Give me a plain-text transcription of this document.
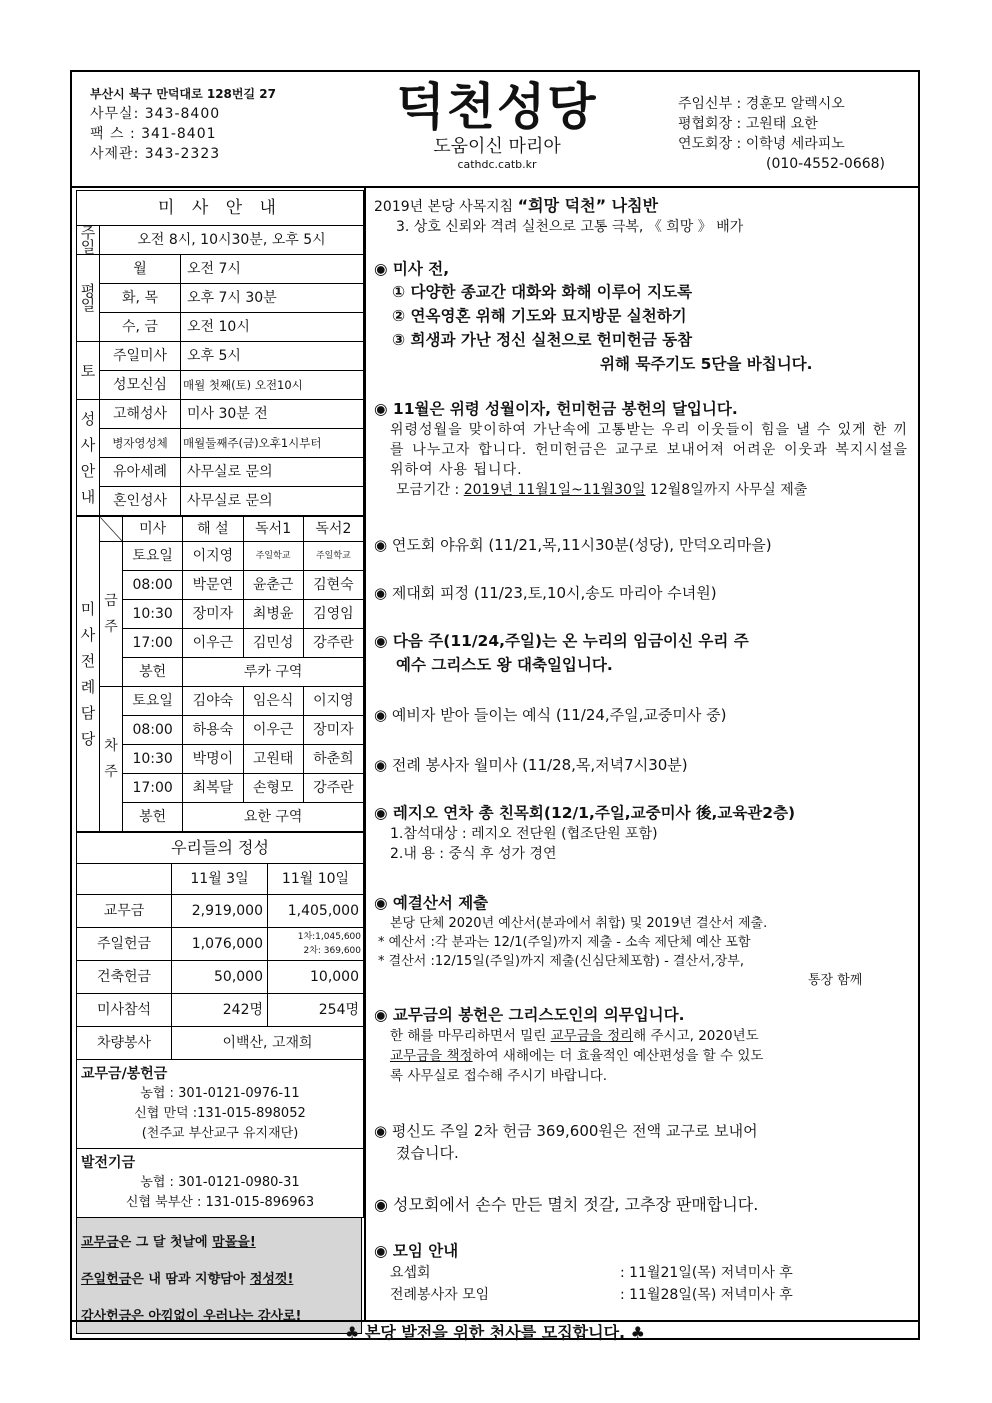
부산시 북구 만덕대로 128번길 27
사무실: 343-8400
팩 스 : 341-8401
사제관: 343-2323
덕천성당
도움이신 마리아
cathdc.catb.kr
주임신부 : 경훈모 알렉시오
평협회장 : 고원태 요한
연도회장 : 이학녕 세라피노
(010-4552-0668)
미 사 안 내		
주일	오전 8시, 10시30분, 오후 5시	
평일	월	오전 7시
	화, 목	오후 7시 30분
	수, 금	오전 10시
토	주일미사	오후 5시
	성모신심	매월 첫째(토) 오전10시
성사안내	고해성사	미사 30분 전
	병자영성체	매월둘째주(금)오후1시부터
	유아세례	사무실로 문의
	혼인성사	사무실로 문의
미사전례담당		미사	해 설	독서1	독서2
	금주	토요일	이지영	주일학교	주일학교
		08:00	박문연	윤춘근	김현숙
		10:30	장미자	최병윤	김영임
		17:00	이우근	김민성	강주란
		봉헌	루카 구역		
	차주	토요일	김야숙	임은식	이지영
		08:00	하용숙	이우근	장미자
		10:30	박명이	고원태	하춘희
		17:00	최복달	손형모	강주란
		봉헌	요한 구역		
우리들의 정성		
	11월 3일	11월 10일
교무금	2,919,000	1,405,000
주일헌금	1,076,000	1차:1,045,600
2차: 369,600

건축헌금	50,000	10,000
미사참석	242명	254명
차량봉사	이백산, 고재희	
교무금/봉헌금
농협 : 301-0121-0976-11
신협 만덕 :131-015-898052
(천주교 부산교구 유지재단)
발전기금
농협 : 301-0121-0980-31
신협 북부산 : 131-015-896963
교무금은 그 달 첫날에 맘몰을!
주일헌금은 내 땀과 지향담아 정성껏!
감사헌금은 아낌없이 우러나는 감사로!
2019년 본당 사목지침 “희망 덕천” 나침반
3. 상호 신뢰와 격려 실천으로 고통 극복, 《 희망 》 배가
◉ 미사 전,
① 다양한 종교간 대화와 화해 이루어 지도록
② 연옥영혼 위해 기도와 묘지방문 실천하기
③ 희생과 가난 정신 실천으로 헌미헌금 동참
위해 묵주기도 5단을 바칩니다.
◉ 11월은 위령 성월이자, 헌미헌금 봉헌의 달입니다.
위령성월을 맞이하여 가난속에 고통받는 우리 이웃들이 힘을 낼 수 있게 한 끼를 나누고자 합니다. 헌미헌금은 교구로 보내어져 어려운 이웃과 복지시설을 위하여 사용 됩니다.
모금기간 : 2019년 11월1일~11월30일 12월8일까지 사무실 제출
◉ 연도회 야유회 (11/21,목,11시30분(성당), 만덕오리마을)
◉ 제대회 피정 (11/23,토,10시,송도 마리아 수녀원)
◉ 다음 주(11/24,주일)는 온 누리의 임금이신 우리 주
예수 그리스도 왕 대축일입니다.
◉ 예비자 받아 들이는 예식 (11/24,주일,교중미사 중)
◉ 전례 봉사자 월미사 (11/28,목,저녁7시30분)
◉ 레지오 연차 총 친목회(12/1,주일,교중미사 後,교육관2층)
1.참석대상 : 레지오 전단원 (협조단원 포함)
2.내 용 : 중식 후 성가 경연
◉ 예결산서 제출
본당 단체 2020년 예산서(분과에서 취합) 및 2019년 결산서 제출.
* 예산서 :각 분과는 12/1(주일)까지 제출 - 소속 제단체 예산 포함
* 결산서 :12/15일(주일)까지 제출(신심단체포함) - 결산서,장부,
통장 함께
◉ 교무금의 봉헌은 그리스도인의 의무입니다.
한 해를 마무리하면서 밀린 교무금을 정리해 주시고, 2020년도
교무금을 책정하여 새해에는 더 효율적인 예산편성을 할 수 있도
록 사무실로 접수해 주시기 바랍니다.
◉ 평신도 주일 2차 헌금 369,600원은 전액 교구로 보내어
졌습니다.
◉ 성모회에서 손수 만든 멸치 젓갈, 고추장 판매합니다.
◉ 모임 안내
요셉회	: 11월21일(목) 저녁미사 후
전례봉사자 모임	: 11월28일(목) 저녁미사 후
♣ 본당 발전을 위한 천사를 모집합니다. ♣
